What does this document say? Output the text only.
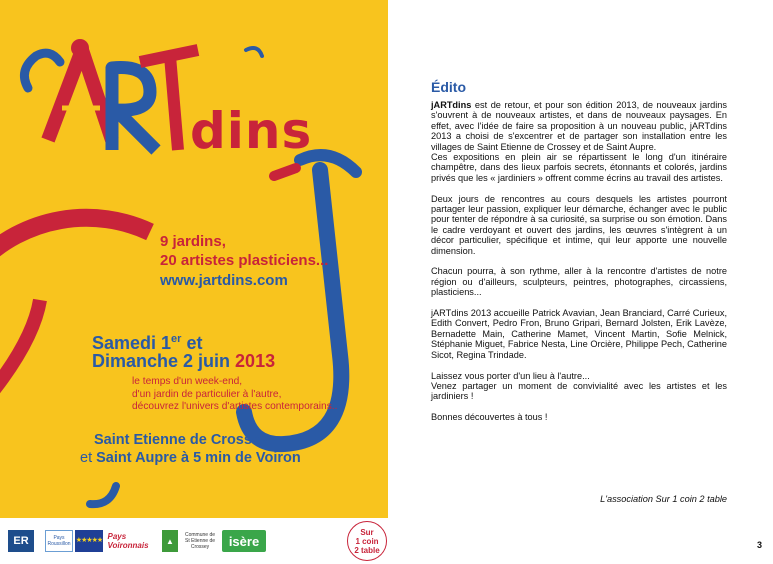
dins
9 jardins,
20 artistes plasticiens...
www.jartdins.com
Samedi 1er et
Dimanche 2 juin 2013
le temps d'un week-end,
d'un jardin de particulier à l'autre,
découvrez l'univers d'artistes contemporains..
Saint Etienne de Crossey
et Saint Aupre à 5 min de Voiron
ER	Pays Roussillon ★★★★★ Pays Voironnais	▲
Commune de St Etienne de Crossey	isère
Sur
1 coin
2 table
Édito

jARTdins est de retour, et pour son édition 2013, de nouveaux jardins s'ouvrent à de nouveaux artistes, et dans de nouveaux paysages. En effet, avec l'idée de faire sa proposition à un nouveau public, jARTdins 2013 a choisi de s'excentrer et de partager son installation entre les villages de Saint Etienne de Crossey et de Saint Aupre.

Ces expositions en plein air se répartissent le long d'un itinéraire champêtre, dans des lieux parfois secrets, étonnants et colorés, jardins privés que les « jardiniers » offrent comme écrins au travail des artistes.

Deux jours de rencontres au cours desquels les artistes pourront partager leur passion, expliquer leur démarche, échanger avec le public pour tenter de répondre à sa curiosité, sa surprise ou son émotion. Dans le cadre verdoyant et ouvert des jardins, les œuvres s'intègrent à un décor particulier, spécifique et intime, qui leur apporte une nouvelle dimension.

Chacun pourra, à son rythme, aller à la rencontre d'artistes de notre région ou d'ailleurs, sculpteurs, peintres, photographes, circassiens, plasticiens...

jARTdins 2013 accueille Patrick Avavian, Jean Branciard, Carré Curieux, Edith Convert, Pedro Fron, Bruno Gripari, Bernard Jolsten, Erik Lavèze, Bernadette Main, Catherine Mamet, Vincent Martin, Sofie Melnick, Stéphanie Miguet, Fabrice Nesta, Line Orcière, Philippe Pech, Catherine Sicot, Regina Trindade.

Laissez vous porter d'un lieu à l'autre...

Venez partager un moment de convivialité avec les artistes et les jardiniers !

Bonnes découvertes à tous !

L'association Sur 1 coin 2 table
3
